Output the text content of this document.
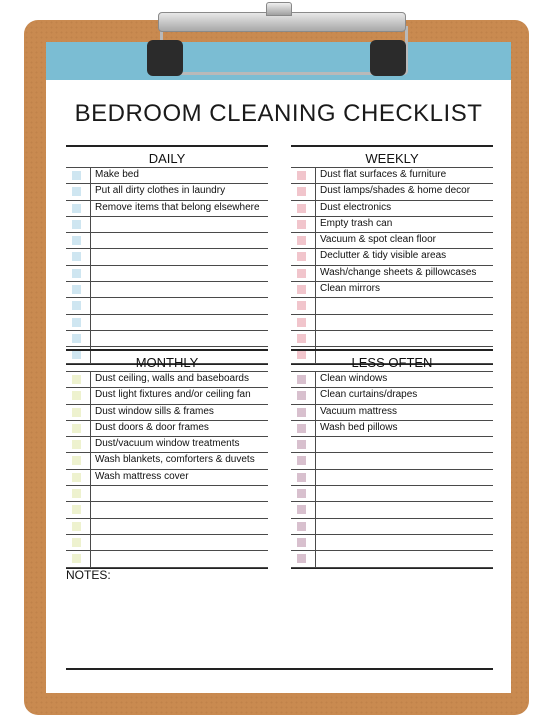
BEDROOM CLEANING CHECKLIST
DAILY
Make bed
Put all dirty clothes in laundry
Remove items that belong elsewhere
WEEKLY
Dust flat surfaces & furniture
Dust lamps/shades & home decor
Dust electronics
Empty trash can
Vacuum & spot clean floor
Declutter & tidy visible areas
Wash/change sheets & pillowcases
Clean mirrors
MONTHLY
Dust ceiling, walls and baseboards
Dust light fixtures and/or ceiling fan
Dust window sills & frames
Dust doors & door frames
Dust/vacuum window treatments
Wash blankets, comforters & duvets
Wash mattress cover
LESS OFTEN
Clean windows
Clean curtains/drapes
Vacuum mattress
Wash bed pillows
NOTES:
